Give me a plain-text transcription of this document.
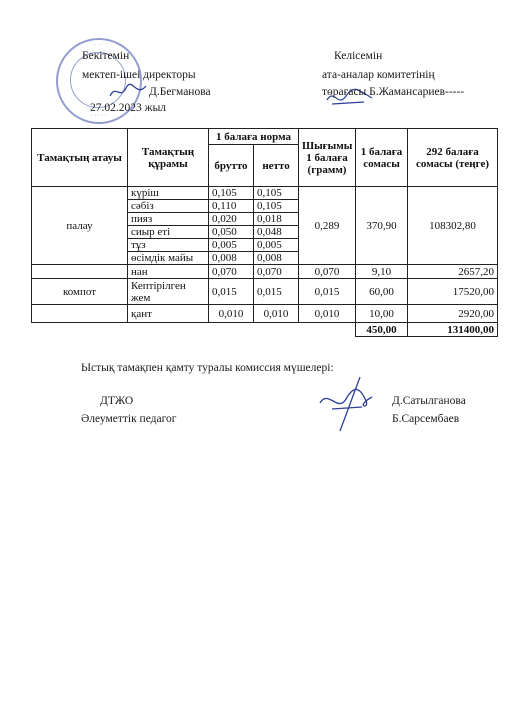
· · · · ·
· · · · ·
Бекітемін
мектеп-ішеі директоры
Д.Бегманова
27.02.2023 жыл
Келісемін
ата-аналар комитетінің
төрағасы Б.Жамансариев-----
Тамақтың атауы	Тамақтың құрамы	1 балаға норма		Шығымы 1 балаға (грамм)	1 балаға сомасы	292 балаға сомасы (теңге)
		брутто	нетто			
палау	күріш	0,105	0,105	0,289	370,90	108302,80
	сәбіз	0,110	0,105			
	пияз	0,020	0,018			
	сиыр еті	0,050	0,048			
	тұз	0,005	0,005			
	өсімдік майы	0,008	0,008			
	нан	0,070	0,070	0,070	9,10	2657,20
компот	Кептірілген жем	0,015	0,015	0,015	60,00	17520,00
	қант	0,010	0,010	0,010	10,00	2920,00
					450,00	131400,00
Ыстық тамақпен қамту туралы комиссия мүшелері:
ДТЖО
Әлеуметтік педагог
Д.Сатылганова
Б.Сарсембаев
